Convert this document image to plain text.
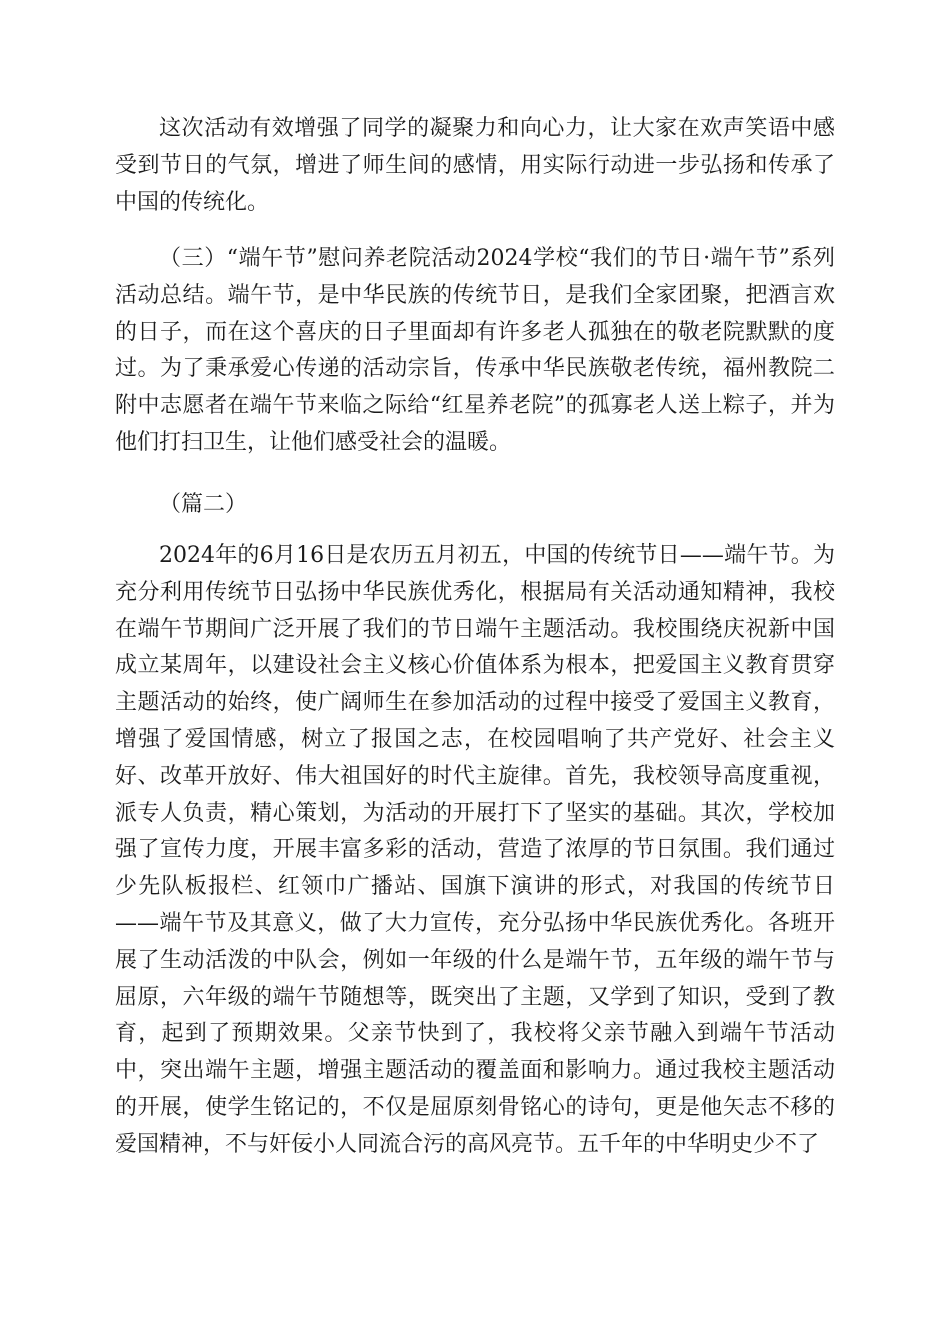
这次活动有效增强了同学的凝聚力和向心力，让大家在欢声笑语中感受到节日的气氛，增进了师生间的感情，用实际行动进一步弘扬和传承了中国的传统化。

（三）“端午节”慰问养老院活动2024学校“我们的节日·端午节”系列活动总结。端午节，是中华民族的传统节日，是我们全家团聚，把酒言欢的日子，而在这个喜庆的日子里面却有许多老人孤独在的敬老院默默的度过。为了秉承爱心传递的活动宗旨，传承中华民族敬老传统，福州教院二附中志愿者在端午节来临之际给“红星养老院”的孤寡老人送上粽子，并为他们打扫卫生，让他们感受社会的温暖。

（篇二）

2024年的6月16日是农历五月初五，中国的传统节日——端午节。为充分利用传统节日弘扬中华民族优秀化，根据局有关活动通知精神，我校在端午节期间广泛开展了我们的节日端午主题活动。我校围绕庆祝新中国成立某周年，以建设社会主义核心价值体系为根本，把爱国主义教育贯穿主题活动的始终，使广阔师生在参加活动的过程中接受了爱国主义教育，增强了爱国情感，树立了报国之志，在校园唱响了共产党好、社会主义好、改革开放好、伟大祖国好的时代主旋律。首先，我校领导高度重视，派专人负责，精心策划，为活动的开展打下了坚实的基础。其次，学校加强了宣传力度，开展丰富多彩的活动，营造了浓厚的节日氛围。我们通过少先队板报栏、红领巾广播站、国旗下演讲的形式，对我国的传统节日——端午节及其意义，做了大力宣传，充分弘扬中华民族优秀化。各班开展了生动活泼的中队会，例如一年级的什么是端午节，五年级的端午节与屈原，六年级的端午节随想等，既突出了主题，又学到了知识，受到了教育，起到了预期效果。父亲节快到了，我校将父亲节融入到端午节活动中，突出端午主题，增强主题活动的覆盖面和影响力。通过我校主题活动的开展，使学生铭记的，不仅是屈原刻骨铭心的诗句，更是他矢志不移的爱国精神，不与奸佞小人同流合污的高风亮节。五千年的中华明史少不了
